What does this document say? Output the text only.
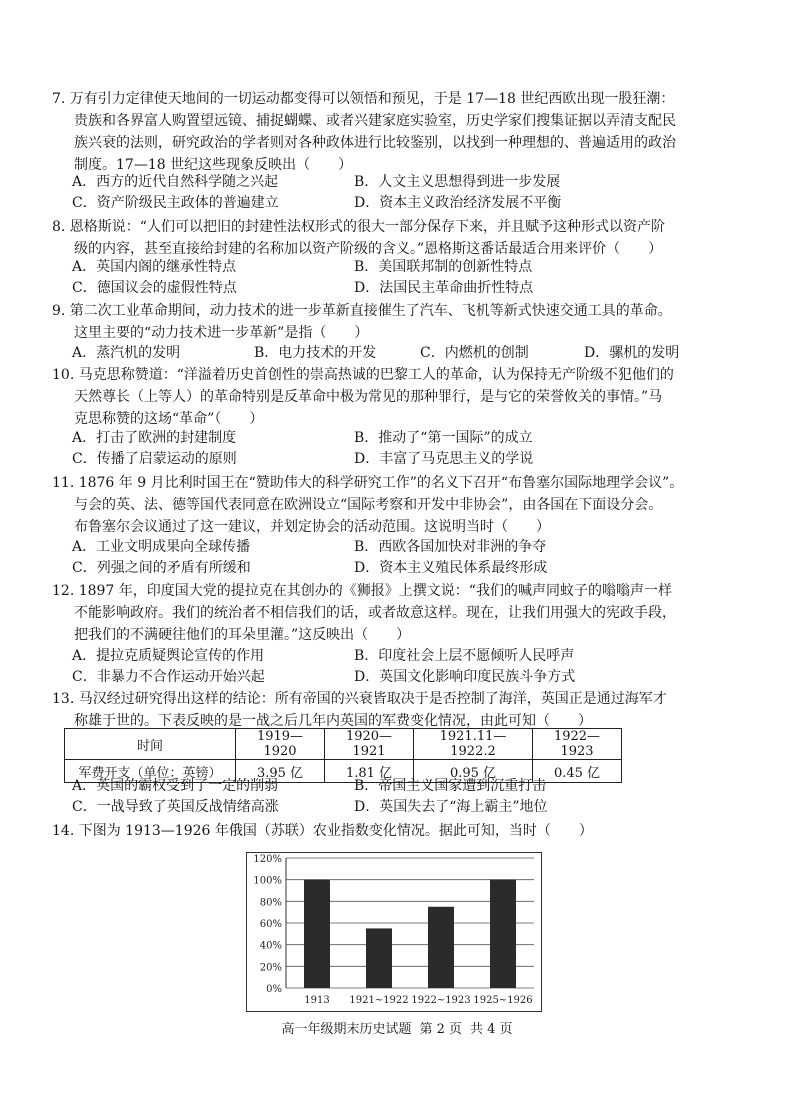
7. 万有引力定律使天地间的一切运动都变得可以领悟和预见，于是 17—18 世纪西欧出现一股狂潮：
贵族和各界富人购置望远镜、捕捉蝴蝶、或者兴建家庭实验室，历史学家们搜集证据以弄清支配民
族兴衰的法则，研究政治的学者则对各种政体进行比较鉴别，以找到一种理想的、普遍适用的政治
制度。17—18 世纪这些现象反映出（　　）
A．西方的近代自然科学随之兴起	B．人文主义思想得到进一步发展
C．资产阶级民主政体的普遍建立	D．资本主义政治经济发展不平衡
8. 恩格斯说：“人们可以把旧的封建性法权形式的很大一部分保存下来，并且赋予这种形式以资产阶
级的内容，甚至直接给封建的名称加以资产阶级的含义。”恩格斯这番话最适合用来评价（　　）
A．英国内阁的继承性特点	B．美国联邦制的创新性特点
C．德国议会的虚假性特点	D．法国民主革命曲折性特点
9. 第二次工业革命期间，动力技术的进一步革新直接催生了汽车、飞机等新式快速交通工具的革命。
这里主要的“动力技术进一步革新”是指（　　）
A．蒸汽机的发明	B．电力技术的开发	C．内燃机的创制	D．骡机的发明
10. 马克思称赞道：“洋溢着历史首创性的崇高热诚的巴黎工人的革命，认为保持无产阶级不犯他们的
天然尊长（上等人）的革命特别是反革命中极为常见的那种罪行，是与它的荣誉攸关的事情。”马
克思称赞的这场“革命”（　　）
A．打击了欧洲的封建制度	B．推动了“第一国际”的成立
C．传播了启蒙运动的原则	D．丰富了马克思主义的学说
11. 1876 年 9 月比利时国王在“赞助伟大的科学研究工作”的名义下召开“布鲁塞尔国际地理学会议”。
与会的英、法、德等国代表同意在欧洲设立“国际考察和开发中非协会”，由各国在下面设分会。
布鲁塞尔会议通过了这一建议，并划定协会的活动范围。这说明当时（　　）
A．工业文明成果向全球传播	B．西欧各国加快对非洲的争夺
C．列强之间的矛盾有所缓和	D．资本主义殖民体系最终形成
12. 1897 年，印度国大党的提拉克在其创办的《狮报》上撰文说：“我们的喊声同蚊子的嗡嗡声一样
不能影响政府。我们的统治者不相信我们的话，或者故意这样。现在，让我们用强大的宪政手段，
把我们的不满硬往他们的耳朵里灌。”这反映出（　　）
A．提拉克质疑舆论宣传的作用	B．印度社会上层不愿倾听人民呼声
C．非暴力不合作运动开始兴起	D．英国文化影响印度民族斗争方式
13. 马汉经过研究得出这样的结论：所有帝国的兴衰皆取决于是否控制了海洋，英国正是通过海军才
称雄于世的。下表反映的是一战之后几年内英国的军费变化情况，由此可知（　　）
时间	1919—1920	1920—1921	1921.11—1922.2	1922—1923
军费开支（单位：英镑）	3.95 亿	1.81 亿	0.95 亿	0.45 亿
A．英国的霸权受到了一定的削弱	B．帝国主义国家遭到沉重打击
C．一战导致了英国反战情绪高涨	D．英国失去了“海上霸主”地位
14. 下图为 1913—1926 年俄国（苏联）农业指数变化情况。据此可知，当时（　　）
0%
20%
40%
60%
80%
100%
120%
1913 1921~1922 1922~1923 1925~1926
高一年级期末历史试题 第 2 页 共 4 页
